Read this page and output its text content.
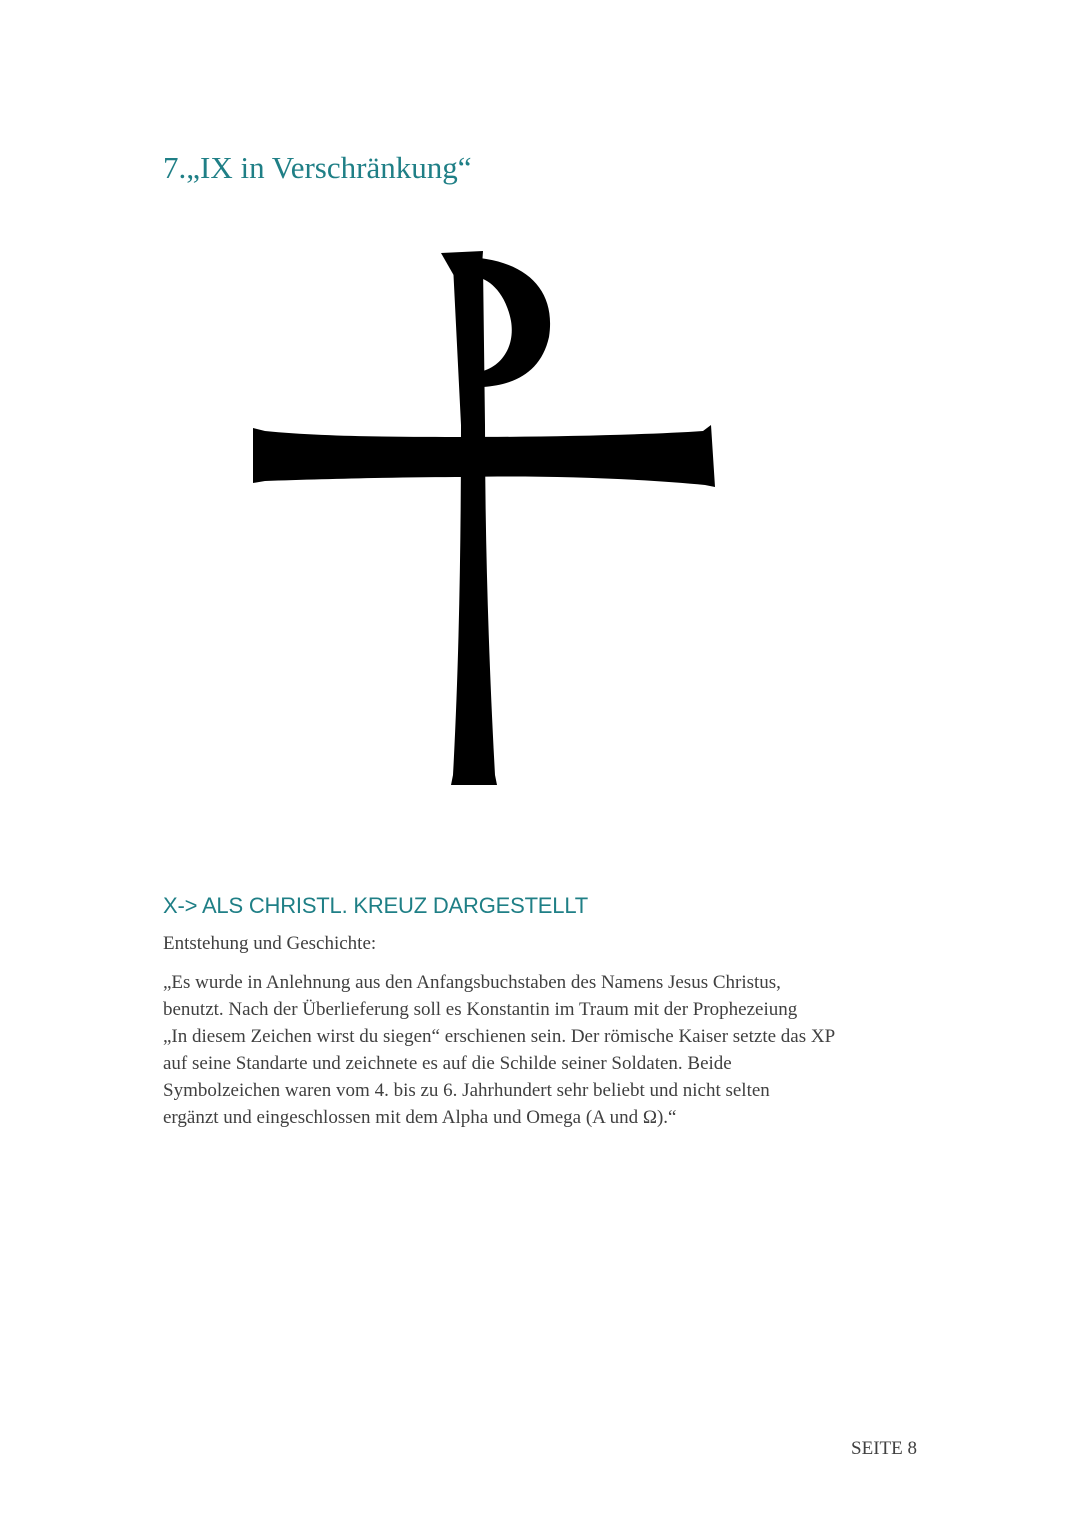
7.„IX in Verschränkung“
X-> ALS CHRISTL. KREUZ DARGESTELLT

Entstehung und Geschichte:

„Es wurde in Anlehnung aus den Anfangsbuchstaben des Namens Jesus Christus,
benutzt. Nach der Überlieferung soll es Konstantin im Traum mit der Prophezeiung
„In diesem Zeichen wirst du siegen“ erschienen sein. Der römische Kaiser setzte das XP
auf seine Standarte und zeichnete es auf die Schilde seiner Soldaten. Beide
Symbolzeichen waren vom 4. bis zu 6. Jahrhundert sehr beliebt und nicht selten
ergänzt und eingeschlossen mit dem Alpha und Omega (A und Ω).“

SEITE 8
